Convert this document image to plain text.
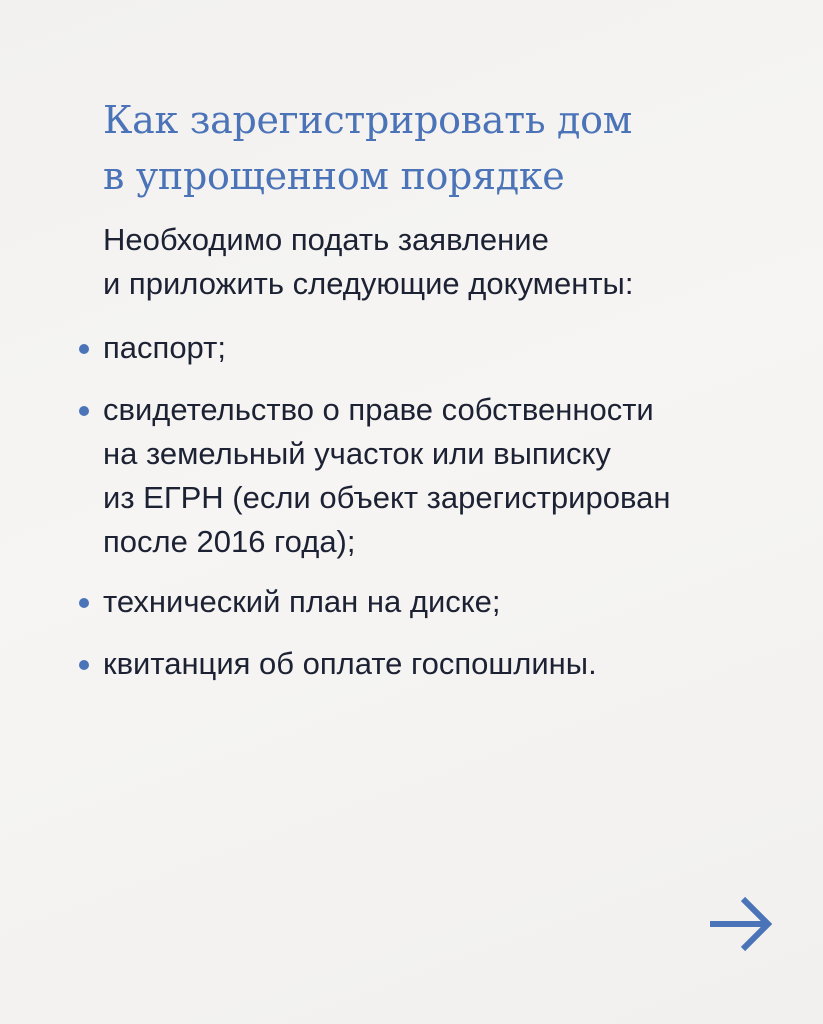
Как зарегистрировать дом
в упрощенном порядке

Необходимо подать заявление
и приложить следующие документы:

паспорт;
свидетельство о праве собственности
на земельный участок или выписку
из ЕГРН (если объект зарегистрирован
после 2016 года);
технический план на диске;
квитанция об оплате госпошлины.
